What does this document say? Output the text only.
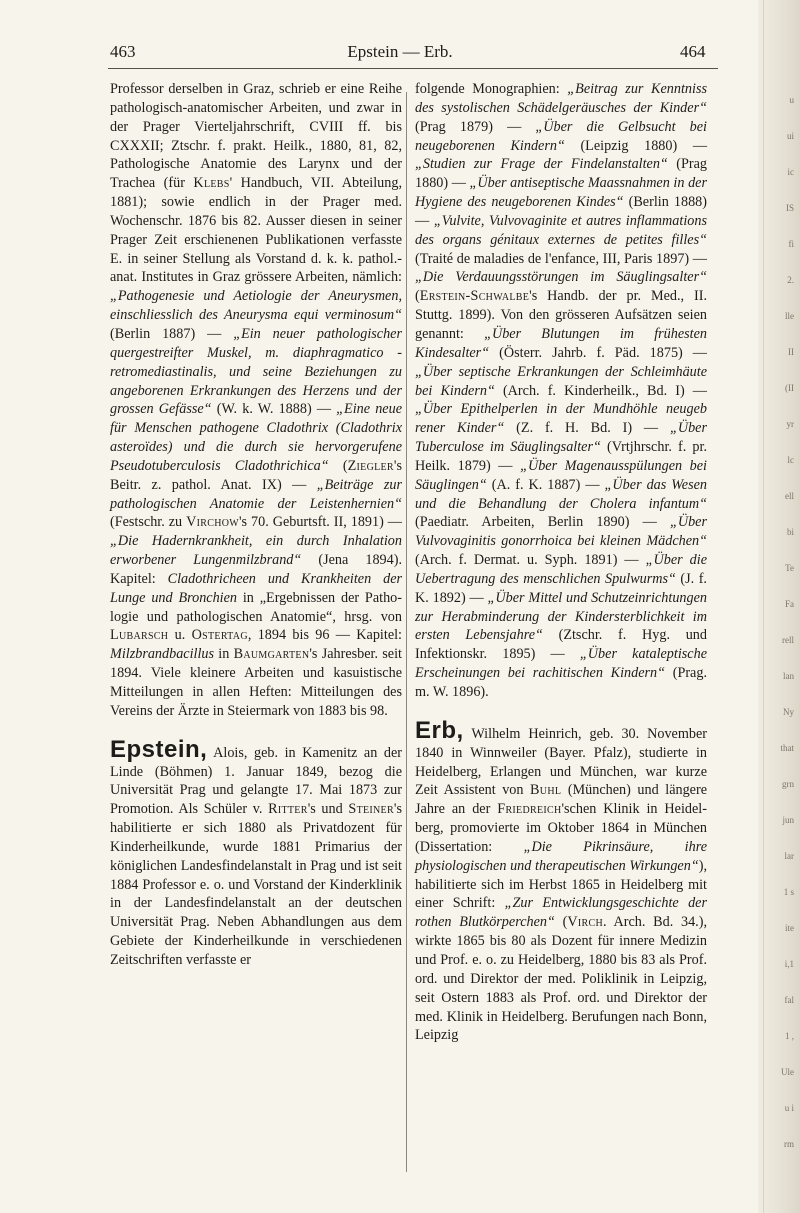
463	Epstein — Erb.	464

Professor derselben in Graz, schrieb er eine Reihe pathologisch-anatomischer Arbeiten, und zwar in der Prager Vierteljahrschrift, CVIII ff. bis CXXXII; Ztschr. f. prakt. Heilk., 1880, 81, 82, Pathologische Anatomie des Larynx und der Trachea (für Klebs' Handbuch, VII. Abteilung, 1881); sowie endlich in der Prager med. Wochenschr. 1876 bis 82. Ausser diesen in seiner Prager Zeit erschienenen Publikationen verfasste E. in seiner Stellung als Vorstand d. k. k. pathol.-anat. Institutes in Graz grössere Arbeiten, nämlich: „Pathogenesie und Aetiologie der Aneurysmen, einschliesslich des Aneurysma equi verminosum“ (Berlin 1887) — „Ein neuer pathologischer quergestreifter Muskel, m. diaphragmatico - retromediastinalis, und seine Beziehungen zu angeborenen Erkrankungen des Herzens und der grossen Gefässe“ (W. k. W. 1888) — „Eine neue für Menschen pathogene Cladothrix (Cladothrix asteroïdes) und die durch sie hervorgerufene Pseudotuberculosis Cladothrichica“ (Ziegler's Beitr. z. pathol. Anat. IX) — „Beiträge zur pathologischen Anatomie der Leistenhernien“ (Festschr. zu Virchow's 70. Geburtsft. II, 1891) — „Die Hadernkrankheit, ein durch Inhalation erworbener Lungenmilzbrand“ (Jena 1894). Kapitel: Cladothricheen und Krankheiten der Lunge und Bronchien in „Ergebnissen der Pathologie und pathologischen Anatomie“, hrsg. von Lubarsch u. Ostertag, 1894 bis 96 — Kapitel: Milzbrandbacillus in Baumgarten's Jahresber. seit 1894. Viele kleinere Arbeiten und kasuistische Mitteilungen in allen Heften: Mitteilungen des Vereins der Ärzte in Steiermark von 1883 bis 98.

Epstein, Alois, geb. in Kamenitz an der Linde (Böhmen) 1. Januar 1849, bezog die Universität Prag und gelangte 17. Mai 1873 zur Promotion. Als Schüler v. Ritter's und Steiner's habilitierte er sich 1880 als Privatdozent für Kinderheilkunde, wurde 1881 Primarius der königlichen Landesfindelanstalt in Prag und ist seit 1884 Professor e. o. und Vorstand der Kinderklinik in der Landesfindelanstalt an der deutschen Universität Prag. Neben Abhandlungen aus dem Gebiete der Kinderheilkunde in verschiedenen Zeitschriften verfasste er

folgende Monographien: „Beitrag zur Kenntniss des systolischen Schädelgeräusches der Kinder“ (Prag 1879) — „Über die Gelbsucht bei neugeborenen Kindern“ (Leipzig 1880) — „Studien zur Frage der Findelanstalten“ (Prag 1880) — „Über antiseptische Maassnahmen in der Hygiene des neugeborenen Kindes“ (Berlin 1888) — „Vulvite, Vulvovaginite et autres inflammations des organs génitaux externes de petites filles“ (Traité de maladies de l'enfance, III, Paris 1897) — „Die Verdauungsstörungen im Säuglingsalter“ (Erstein-Schwalbe's Handb. der pr. Med., II. Stuttg. 1899). Von den grösseren Aufsätzen seien genannt: „Über Blutungen im frühesten Kindesalter“ (Österr. Jahrb. f. Päd. 1875) — „Über septische Erkrankungen der Schleimhäute bei Kindern“ (Arch. f. Kinderheilk., Bd. I) — „Über Epithelperlen in der Mundhöhle neugeb rener Kinder“ (Z. f. H. Bd. I) — „Über Tuberculose im Säuglingsalter“ (Vrtjhrschr. f. pr. Heilk. 1879) — „Über Magenausspülungen bei Säuglingen“ (A. f. K. 1887) — „Über das Wesen und die Behandlung der Cholera infantum“ (Paediatr. Arbeiten, Berlin 1890) — „Über Vulvovaginitis gonorrhoica bei kleinen Mädchen“ (Arch. f. Dermat. u. Syph. 1891) — „Über die Uebertragung des menschlichen Spulwurms“ (J. f. K. 1892) — „Über Mittel und Schutzeinrichtungen zur Herabminderung der Kindersterblichkeit im ersten Lebensjahre“ (Ztschr. f. Hyg. und Infektionskr. 1895) — „Über kataleptische Erscheinungen bei rachitischen Kindern“ (Prag. m. W. 1896).

Erb, Wilhelm Heinrich, geb. 30. November 1840 in Winnweiler (Bayer. Pfalz), studierte in Heidelberg, Erlangen und München, war kurze Zeit Assistent von Buhl (München) und längere Jahre an der Friedreich'schen Klinik in Heidelberg, promovierte im Oktober 1864 in München (Dissertation: „Die Pikrinsäure, ihre physiologischen und therapeutischen Wirkungen“), habilitierte sich im Herbst 1865 in Heidelberg mit einer Schrift: „Zur Entwicklungsgeschichte der rothen Blutkörperchen“ (Virch. Arch. Bd. 34.), wirkte 1865 bis 80 als Dozent für innere Medizin und Prof. e. o. zu Heidelberg, 1880 bis 83 als Prof. ord. und Direktor der med. Poliklinik in Leipzig, seit Ostern 1883 als Prof. ord. und Direktor der med. Klinik in Heidelberg. Berufungen nach Bonn, Leipzig

u
ui
ic
IS
fi
2.
lle
II
(II
yr
lc
ell
bi
Te
Fa
rell
lan
Ny
that
grn
jun
lar
1 s
ite
i,1
fal
1 ,
Ule
u i
rm
